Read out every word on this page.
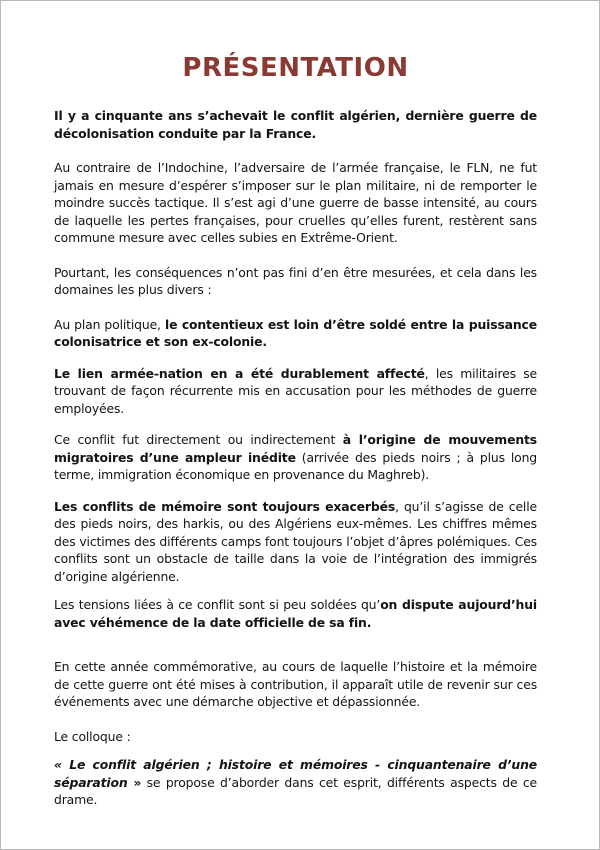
PRÉSENTATION

Il y a cinquante ans s’achevait le conflit algérien, dernière guerre de décolonisation conduite par la France.

Au contraire de l’Indochine, l’adversaire de l’armée française, le FLN, ne fut jamais en mesure d’espérer s’imposer sur le plan militaire, ni de remporter le moindre succès tactique. Il s’est agi d’une guerre de basse intensité, au cours de laquelle les pertes françaises, pour cruelles qu’elles furent, restèrent sans commune mesure avec celles subies en Extrême-Orient.

Pourtant, les conséquences n’ont pas fini d’en être mesurées, et cela dans les domaines les plus divers :

Au plan politique, le contentieux est loin d’être soldé entre la puissance colonisatrice et son ex-colonie.

Le lien armée-nation en a été durablement affecté, les militaires se trouvant de façon récurrente mis en accusation pour les méthodes de guerre employées.

Ce conflit fut directement ou indirectement à l’origine de mouvements migratoires d’une ampleur inédite (arrivée des pieds noirs ; à plus long terme, immigration économique en provenance du Maghreb).

Les conflits de mémoire sont toujours exacerbés, qu’il s’agisse de celle des pieds noirs, des harkis, ou des Algériens eux-mêmes. Les chiffres mêmes des victimes des différents camps font toujours l’objet d’âpres polémiques. Ces conflits sont un obstacle de taille dans la voie de l’intégration des immigrés d’origine algérienne.

Les tensions liées à ce conflit sont si peu soldées qu’on dispute aujourd’hui avec véhémence de la date officielle de sa fin.

En cette année commémorative, au cours de laquelle l’histoire et la mémoire de cette guerre ont été mises à contribution, il apparaît utile de revenir sur ces événements avec une démarche objective et dépassionnée.

Le colloque :

« Le conflit algérien ; histoire et mémoires - cinquantenaire d’une séparation » se propose d’aborder dans cet esprit, différents aspects de ce drame.
